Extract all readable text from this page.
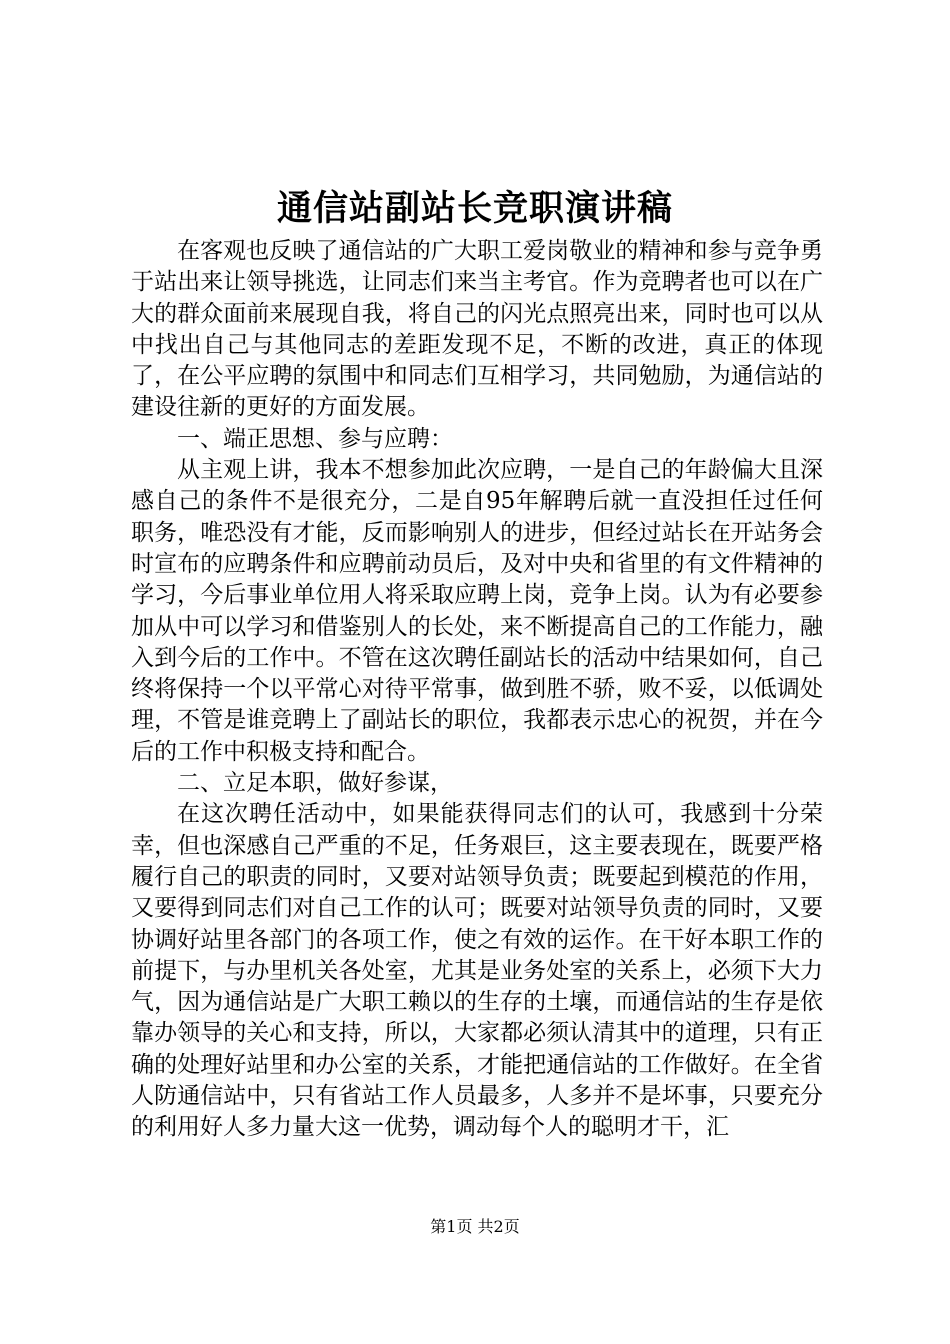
通信站副站长竞职演讲稿

在客观也反映了通信站的广大职工爱岗敬业的精神和参与竞争勇于站出来让领导挑选，让同志们来当主考官。作为竞聘者也可以在广大的群众面前来展现自我，将自己的闪光点照亮出来，同时也可以从中找出自己与其他同志的差距发现不足，不断的改进，真正的体现了，在公平应聘的氛围中和同志们互相学习，共同勉励，为通信站的建设往新的更好的方面发展。

一、端正思想、参与应聘：

从主观上讲，我本不想参加此次应聘，一是自己的年龄偏大且深感自己的条件不是很充分，二是自95年解聘后就一直没担任过任何职务，唯恐没有才能，反而影响别人的进步，但经过站长在开站务会时宣布的应聘条件和应聘前动员后，及对中央和省里的有文件精神的学习，今后事业单位用人将采取应聘上岗，竞争上岗。认为有必要参加从中可以学习和借鉴别人的长处，来不断提高自己的工作能力，融入到今后的工作中。不管在这次聘任副站长的活动中结果如何，自己终将保持一个以平常心对待平常事，做到胜不骄，败不妥，以低调处理，不管是谁竞聘上了副站长的职位，我都表示忠心的祝贺，并在今后的工作中积极支持和配合。

二、立足本职，做好参谋，

在这次聘任活动中，如果能获得同志们的认可，我感到十分荣幸，但也深感自己严重的不足，任务艰巨，这主要表现在，既要严格履行自己的职责的同时，又要对站领导负责；既要起到模范的作用，又要得到同志们对自己工作的认可；既要对站领导负责的同时，又要协调好站里各部门的各项工作，使之有效的运作。在干好本职工作的前提下，与办里机关各处室，尤其是业务处室的关系上，必须下大力气，因为通信站是广大职工赖以的生存的土壤，而通信站的生存是依靠办领导的关心和支持，所以，大家都必须认清其中的道理，只有正确的处理好站里和办公室的关系，才能把通信站的工作做好。在全省人防通信站中，只有省站工作人员最多，人多并不是坏事，只要充分的利用好人多力量大这一优势，调动每个人的聪明才干，汇

第1页 共2页
